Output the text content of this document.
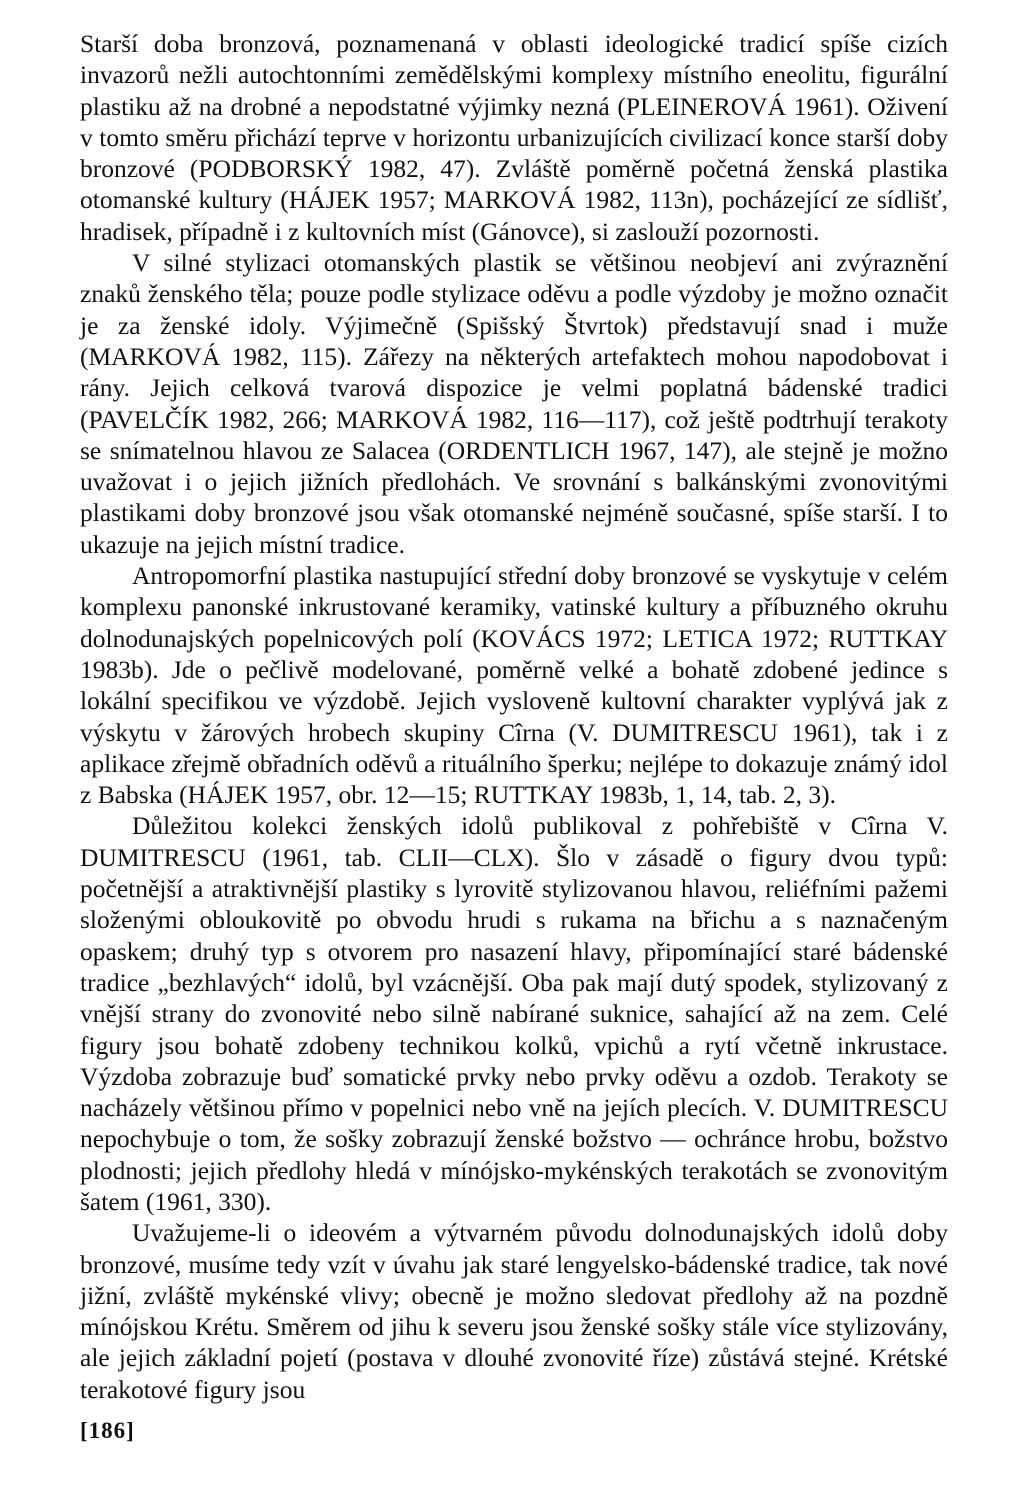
Starší doba bronzová, poznamenaná v oblasti ideologické tradicí spíše cizích invazorů nežli autochtonními zemědělskými komplexy místního eneolitu, figurální plastiku až na drobné a nepodstatné výjimky nezná (PLEINEROVÁ 1961). Oživení v tomto směru přichází teprve v horizontu urbanizujících civilizací konce starší doby bronzové (PODBORSKÝ 1982, 47). Zvláště poměrně početná ženská plastika otomanské kultury (HÁJEK 1957; MARKOVÁ 1982, 113n), pocházející ze sídlišť, hradisek, případně i z kultovních míst (Gánovce), si zaslouží pozornosti.

V silné stylizaci otomanských plastik se většinou neobjeví ani zvýraznění znaků ženského těla; pouze podle stylizace oděvu a podle výzdoby je možno označit je za ženské idoly. Výjimečně (Spišský Štvrtok) představují snad i muže (MARKOVÁ 1982, 115). Zářezy na některých artefaktech mohou napodobovat i rány. Jejich celková tvarová dispozice je velmi poplatná bádenské tradici (PAVELČÍK 1982, 266; MARKOVÁ 1982, 116—117), což ještě podtrhují terakoty se snímatelnou hlavou ze Salacea (ORDENTLICH 1967, 147), ale stejně je možno uvažovat i o jejich jižních předlohách. Ve srovnání s balkánskými zvonovitými plastikami doby bronzové jsou však otomanské nejméně současné, spíše starší. I to ukazuje na jejich místní tradice.

Antropomorfní plastika nastupující střední doby bronzové se vyskytuje v celém komplexu panonské inkrustované keramiky, vatinské kultury a příbuzného okruhu dolnodunajských popelnicových polí (KOVÁCS 1972; LETICA 1972; RUTTKAY 1983b). Jde o pečlivě modelované, poměrně velké a bohatě zdobené jedince s lokální specifikou ve výzdobě. Jejich vysloveně kultovní charakter vyplývá jak z výskytu v žárových hrobech skupiny Cîrna (V. DUMITRESCU 1961), tak i z aplikace zřejmě obřadních oděvů a rituálního šperku; nejlépe to dokazuje známý idol z Babska (HÁJEK 1957, obr. 12—15; RUTTKAY 1983b, 1, 14, tab. 2, 3).

Důležitou kolekci ženských idolů publikoval z pohřebiště v Cîrna V. DUMITRESCU (1961, tab. CLII—CLX). Šlo v zásadě o figury dvou typů: početnější a atraktivnější plastiky s lyrovitě stylizovanou hlavou, reliéfními pažemi složenými obloukovitě po obvodu hrudi s rukama na břichu a s naznačeným opaskem; druhý typ s otvorem pro nasazení hlavy, připomínající staré bádenské tradice „bezhlavých“ idolů, byl vzácnější. Oba pak mají dutý spodek, stylizovaný z vnější strany do zvonovité nebo silně nabírané suknice, sahající až na zem. Celé figury jsou bohatě zdobeny technikou kolků, vpichů a rytí včetně inkrustace. Výzdoba zobrazuje buď somatické prvky nebo prvky oděvu a ozdob. Terakoty se nacházely většinou přímo v popelnici nebo vně na jejích plecích. V. DUMITRESCU nepochybuje o tom, že sošky zobrazují ženské božstvo — ochránce hrobu, božstvo plodnosti; jejich předlohy hledá v mínójsko-mykénských terakotách se zvonovitým šatem (1961, 330).

Uvažujeme-li o ideovém a výtvarném původu dolnodunajských idolů doby bronzové, musíme tedy vzít v úvahu jak staré lengyelsko-bádenské tradice, tak nové jižní, zvláště mykénské vlivy; obecně je možno sledovat předlohy až na pozdně mínójskou Krétu. Směrem od jihu k severu jsou ženské sošky stále více stylizovány, ale jejich základní pojetí (postava v dlouhé zvonovité říze) zůstává stejné. Krétské terakotové figury jsou

[186]
